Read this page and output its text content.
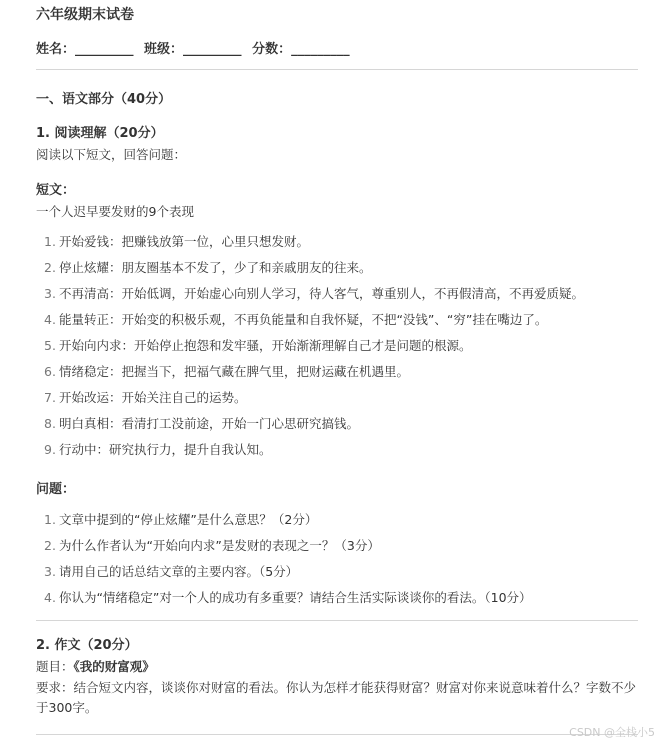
六年级期末试卷
姓名：_________ 班级：_________ 分数：_________
一、语文部分（40分）
1. 阅读理解（20分）
阅读以下短文，回答问题：
短文：
一个人迟早要发财的9个表现
1. 开始爱钱：把赚钱放第一位，心里只想发财。
2. 停止炫耀：朋友圈基本不发了，少了和亲戚朋友的往来。
3. 不再清高：开始低调，开始虚心向别人学习，待人客气，尊重别人，不再假清高，不再爱质疑。
4. 能量转正：开始变的积极乐观，不再负能量和自我怀疑，不把“没钱”、“穷”挂在嘴边了。
5. 开始向内求：开始停止抱怨和发牢骚，开始渐渐理解自己才是问题的根源。
6. 情绪稳定：把握当下，把福气藏在脾气里，把财运藏在机遇里。
7. 开始改运：开始关注自己的运势。
8. 明白真相：看清打工没前途，开始一门心思研究搞钱。
9. 行动中：研究执行力，提升自我认知。
问题：
1. 文章中提到的“停止炫耀”是什么意思？（2分）
2. 为什么作者认为“开始向内求”是发财的表现之一？（3分）
3. 请用自己的话总结文章的主要内容。（5分）
4. 你认为“情绪稳定”对一个人的成功有多重要？请结合生活实际谈谈你的看法。（10分）
2. 作文（20分）
题目：《我的财富观》
要求：结合短文内容，谈谈你对财富的看法。你认为怎样才能获得财富？财富对你来说意味着什么？字数不少于300字。
CSDN @全栈小5
